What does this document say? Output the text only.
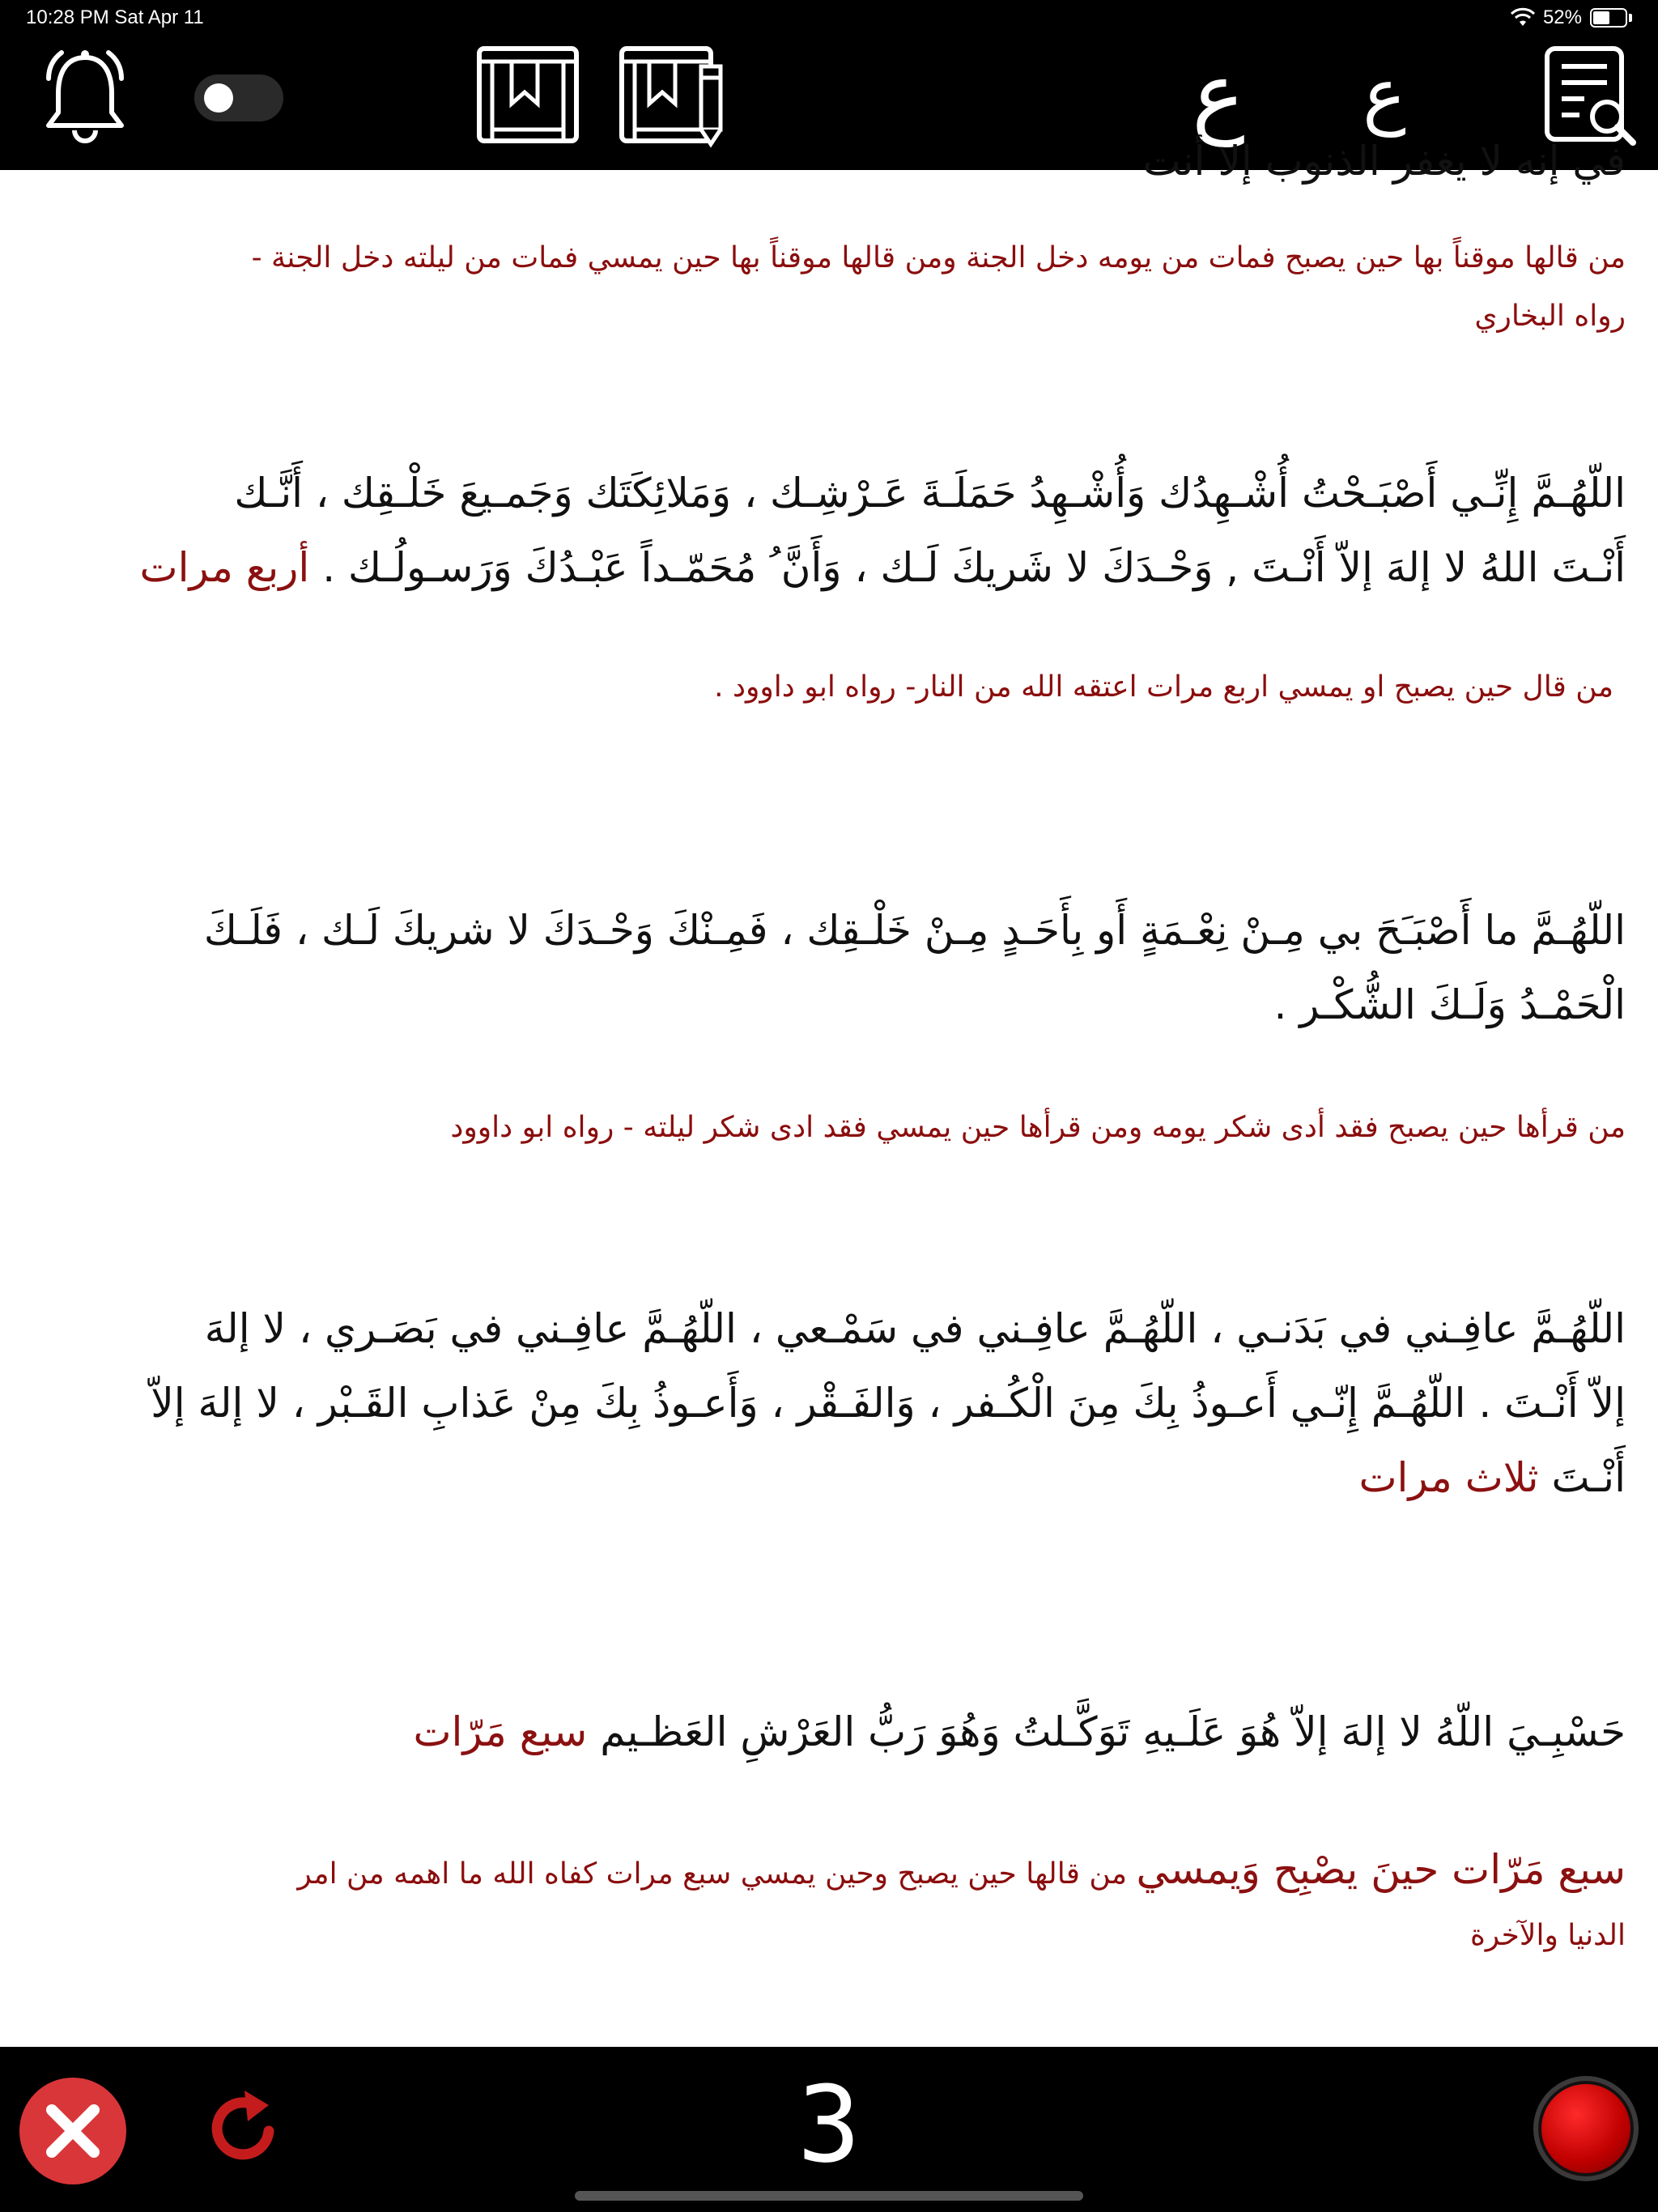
10:28 PM Sat Apr 11	52%
ع	ع
في إنه لا يغفر الذنوب إلا أنت
من قالها موقناً بها حين يصبح فمات من يومه دخل الجنة ومن قالها موقناً بها حين يمسي فمات من ليلته دخل الجنة -
رواه البخاري
اللّهُـمَّ إِنِّـي أَصْبَـحْتُ أُشْـهِدُك وَأُشْـهِدُ حَمَلَـةَ عَـرْشِـك ، وَمَلائِكَتَك وَجَمـيعَ خَلْـقِك ، أَنَّـك
أَنْـتَ اللهُ لا إلهَ إلاّ أَنْـتَ , وَحْـدَكَ لا شَريكَ لَـك ، وَأَنَّ ُ مُحَمّـداً عَبْـدُكَ وَرَسـولُـك . أربع مرات
من قال حين يصبح او يمسي اربع مرات اعتقه الله من النار- رواه ابو داوود .
اللّهُـمَّ ما أَصْبَـَحَ بي مِـنْ نِعْـمَةٍ أَو بِأَحَـدٍ مِـنْ خَلْـقِك ، فَمِـنْكَ وَحْـدَكَ لا شريكَ لَـك ، فَلَـكَ
الْحَمْـدُ وَلَـكَ الشُّكْـر .
من قرأها حين يصبح فقد أدى شكر يومه ومن قرأها حين يمسي فقد ادى شكر ليلته - رواه ابو داوود
اللّهُـمَّ عافِـني في بَدَنـي ، اللّهُـمَّ عافِـني في سَمْـعي ، اللّهُـمَّ عافِـني في بَصَـري ، لا إلهَ
إلاّ أَنْـتَ . اللّهُـمَّ إِنّـي أَعـوذُ بِكَ مِنَ الْكُـفر ، وَالفَـقْر ، وَأَعـوذُ بِكَ مِنْ عَذابِ القَـبْر ، لا إلهَ إلاّ
أَنْـتَ ثلاث مرات
حَسْبِـيَ اللّهُ لا إلهَ إلاّ هُوَ عَلَـيهِ تَوَكَّـلتُ وَهُوَ رَبُّ العَرْشِ العَظـيم سبع مَرّات
سبع مَرّات حينَ يصْبِح وَيمسي من قالها حين يصبح وحين يمسي سبع مرات كفاه الله ما اهمه من امر
الدنيا والآخرة
3
